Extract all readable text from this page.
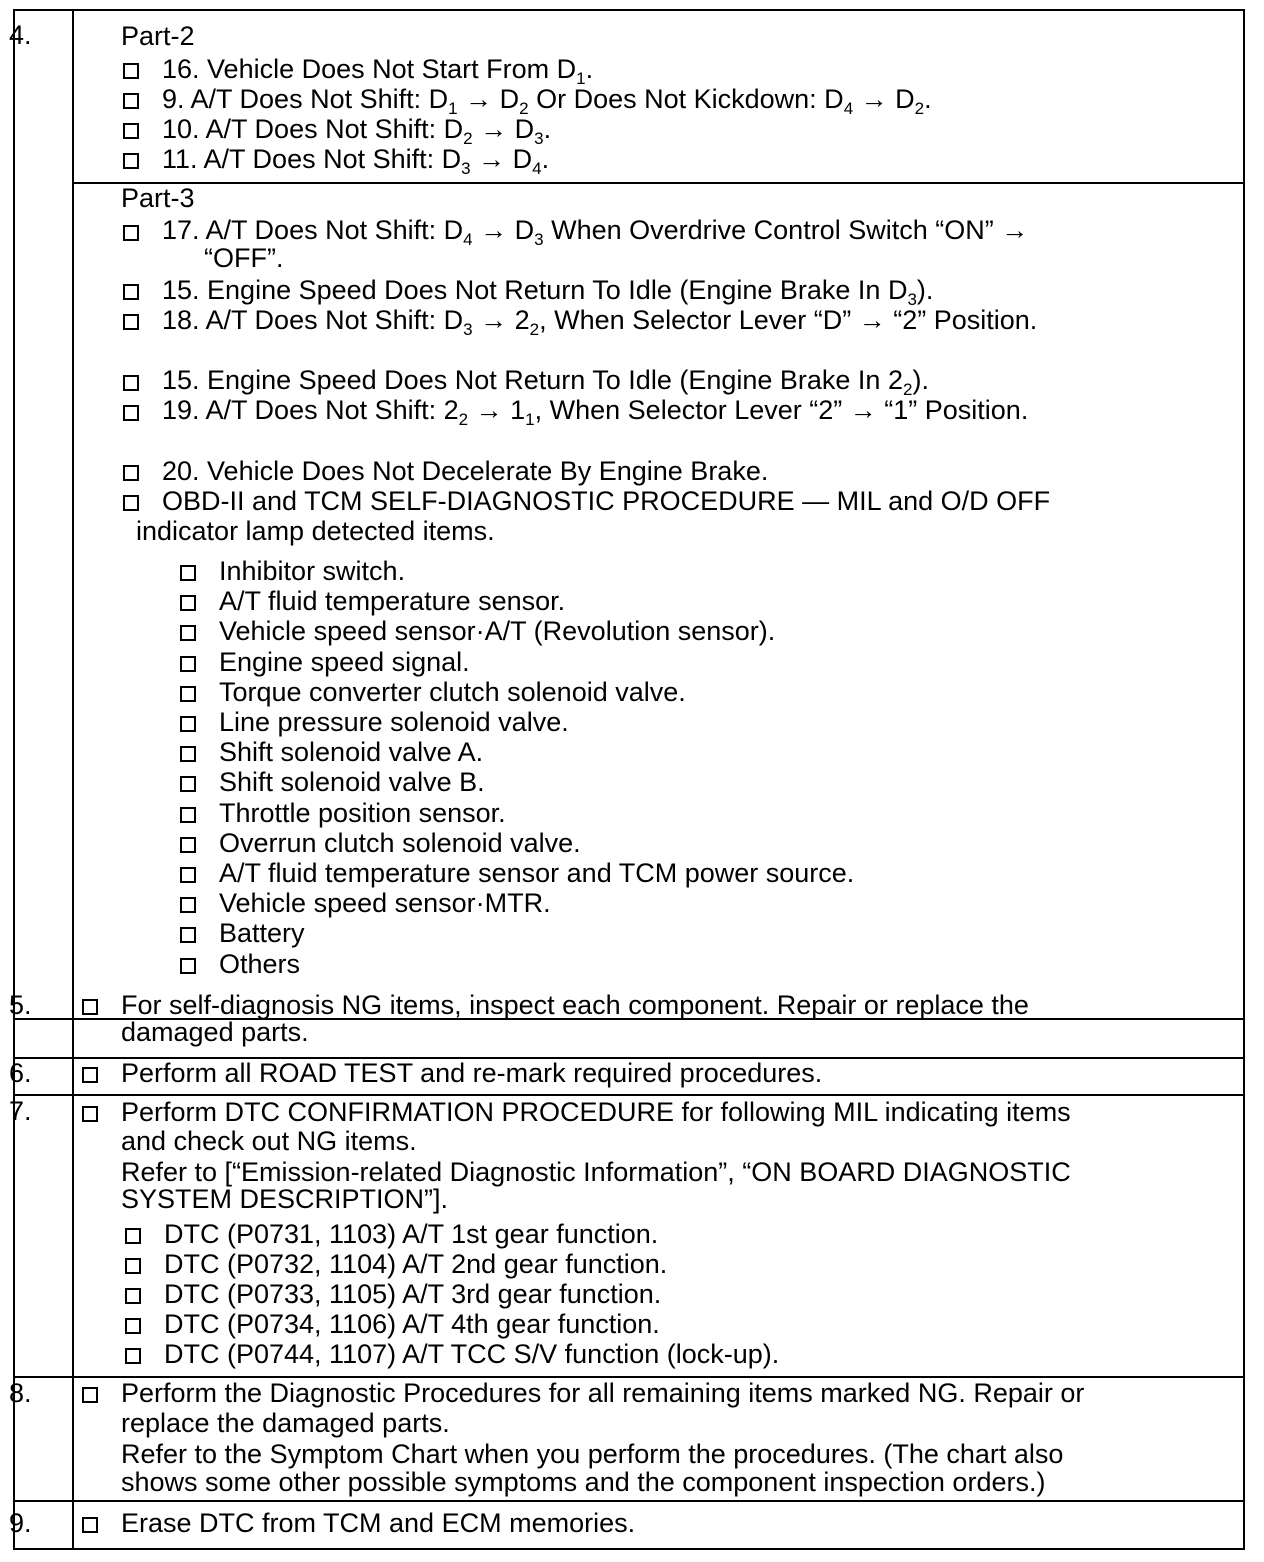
4.	Part-2
16. Vehicle Does Not Start From $D_1$.
9. A/T Does Not Shift: $D_1 \to D_2$ Or Does Not Kickdown: $D_4 \to D_2$.
10. A/T Does Not Shift: $D_2 \to D_3$.
11. A/T Does Not Shift: $D_3 \to D_4$.
Part-3
17. A/T Does Not Shift: $D_4 \to D_3$ When Overdrive Control Switch “ON” →
“OFF”.
15. Engine Speed Does Not Return To Idle (Engine Brake In $D_3$).
18. A/T Does Not Shift: $D_3 \to 2_2$, When Selector Lever “D” → “2” Position.
15. Engine Speed Does Not Return To Idle (Engine Brake In $2_2$).
19. A/T Does Not Shift: $2_2 \to 1_1$, When Selector Lever “2” → “1” Position.
20. Vehicle Does Not Decelerate By Engine Brake.
OBD-II and TCM SELF-DIAGNOSTIC PROCEDURE — MIL and O/D OFF
indicator lamp detected items.
Inhibitor switch.
A/T fluid temperature sensor.
Vehicle speed sensor·A/T (Revolution sensor).
Engine speed signal.
Torque converter clutch solenoid valve.
Line pressure solenoid valve.
Shift solenoid valve A.
Shift solenoid valve B.
Throttle position sensor.
Overrun clutch solenoid valve.
A/T fluid temperature sensor and TCM power source.
Vehicle speed sensor·MTR.
Battery
Others
5.	For self-diagnosis NG items, inspect each component. Repair or replace the
damaged parts.
6.	Perform all ROAD TEST and re-mark required procedures.
7.	Perform DTC CONFIRMATION PROCEDURE for following MIL indicating items
and check out NG items.
Refer to [“Emission-related Diagnostic Information”, “ON BOARD DIAGNOSTIC
SYSTEM DESCRIPTION”].
DTC (P0731, 1103) A/T 1st gear function.
DTC (P0732, 1104) A/T 2nd gear function.
DTC (P0733, 1105) A/T 3rd gear function.
DTC (P0734, 1106) A/T 4th gear function.
DTC (P0744, 1107) A/T TCC S/V function (lock-up).
8.	Perform the Diagnostic Procedures for all remaining items marked NG. Repair or
replace the damaged parts.
Refer to the Symptom Chart when you perform the procedures. (The chart also
shows some other possible symptoms and the component inspection orders.)
9.	Erase DTC from TCM and ECM memories.
